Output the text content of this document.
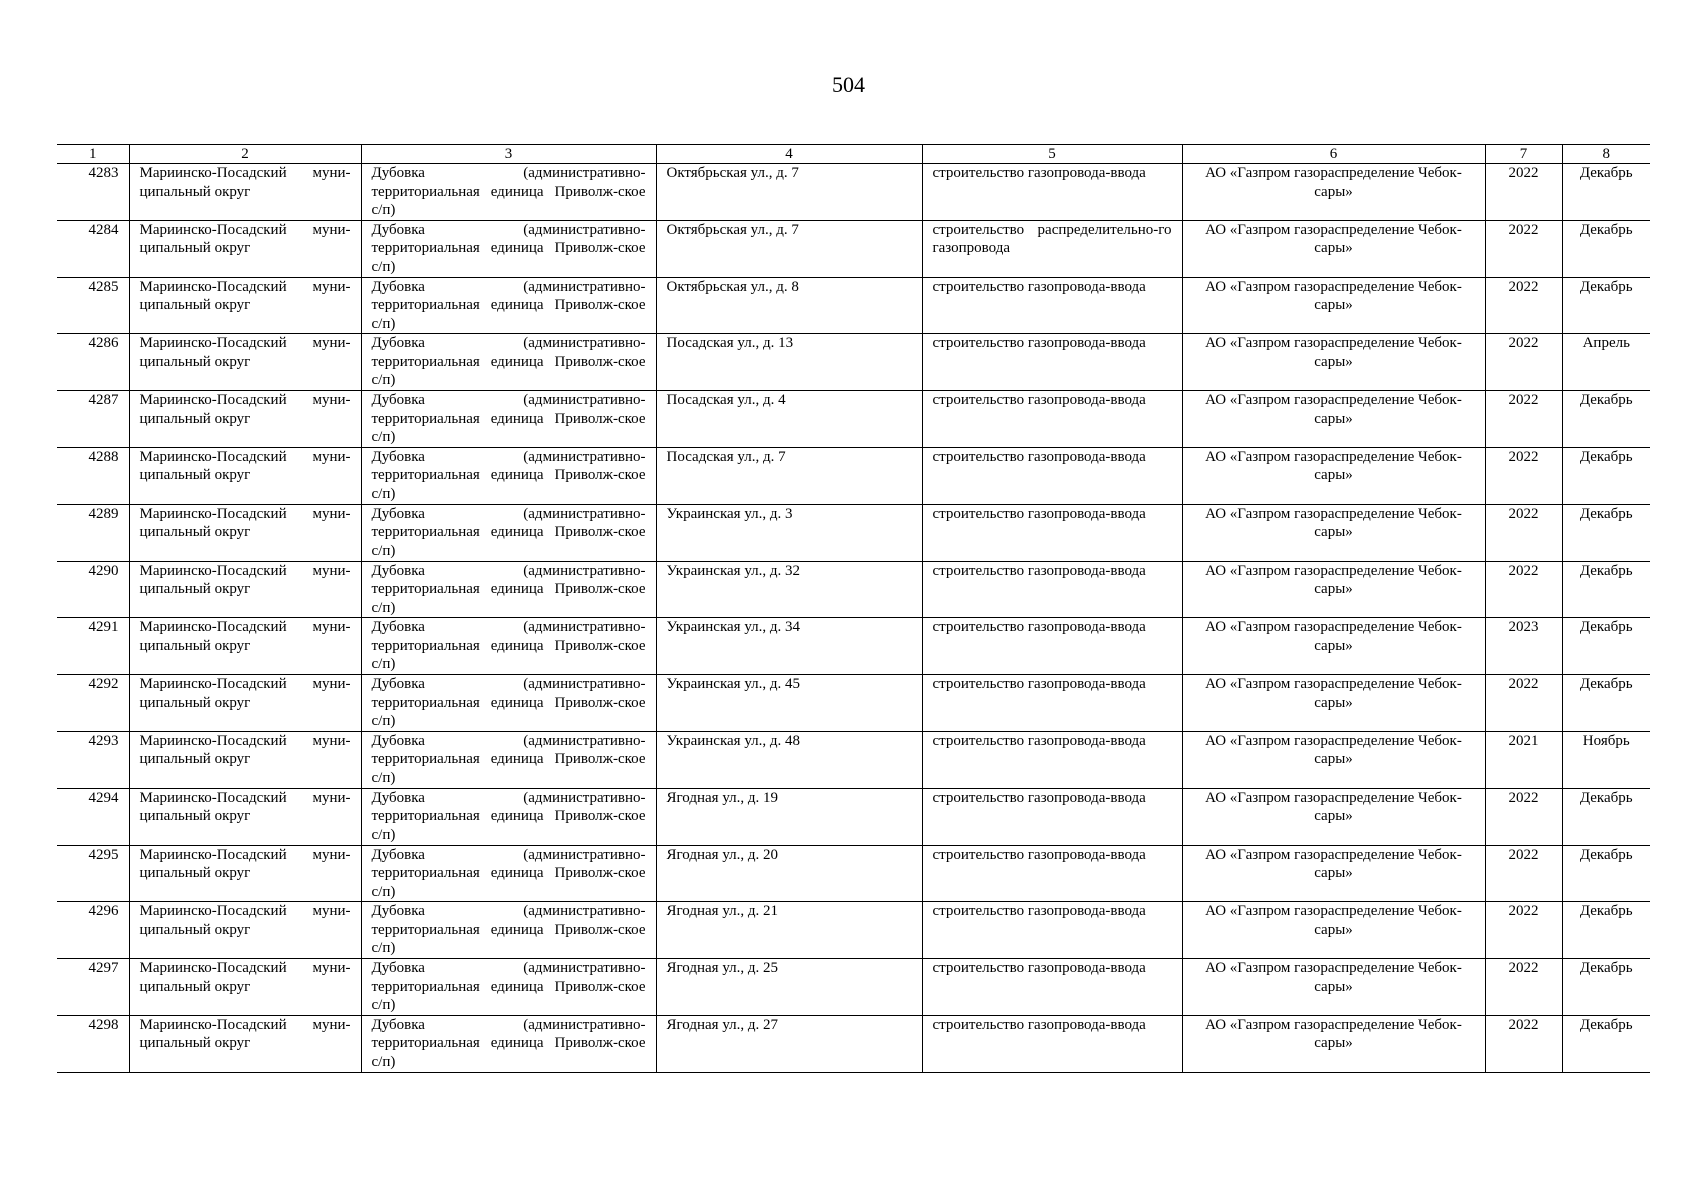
504
1	2	3	4	5	6	7	8
4283	Мариинско-Посадский муни-ципальный округ	Дубовка (административно-территориальная единица Приволж-ское с/п)	Октябрьская ул., д. 7	строительство газопровода-ввода	АО «Газпром газораспределение Чебок-сары»	2022	Декабрь
4284	Мариинско-Посадский муни-ципальный округ	Дубовка (административно-территориальная единица Приволж-ское с/п)	Октябрьская ул., д. 7	строительство распределительно-го газопровода	АО «Газпром газораспределение Чебок-сары»	2022	Декабрь
4285	Мариинско-Посадский муни-ципальный округ	Дубовка (административно-территориальная единица Приволж-ское с/п)	Октябрьская ул., д. 8	строительство газопровода-ввода	АО «Газпром газораспределение Чебок-сары»	2022	Декабрь
4286	Мариинско-Посадский муни-ципальный округ	Дубовка (административно-территориальная единица Приволж-ское с/п)	Посадская ул., д. 13	строительство газопровода-ввода	АО «Газпром газораспределение Чебок-сары»	2022	Апрель
4287	Мариинско-Посадский муни-ципальный округ	Дубовка (административно-территориальная единица Приволж-ское с/п)	Посадская ул., д. 4	строительство газопровода-ввода	АО «Газпром газораспределение Чебок-сары»	2022	Декабрь
4288	Мариинско-Посадский муни-ципальный округ	Дубовка (административно-территориальная единица Приволж-ское с/п)	Посадская ул., д. 7	строительство газопровода-ввода	АО «Газпром газораспределение Чебок-сары»	2022	Декабрь
4289	Мариинско-Посадский муни-ципальный округ	Дубовка (административно-территориальная единица Приволж-ское с/п)	Украинская ул., д. 3	строительство газопровода-ввода	АО «Газпром газораспределение Чебок-сары»	2022	Декабрь
4290	Мариинско-Посадский муни-ципальный округ	Дубовка (административно-территориальная единица Приволж-ское с/п)	Украинская ул., д. 32	строительство газопровода-ввода	АО «Газпром газораспределение Чебок-сары»	2022	Декабрь
4291	Мариинско-Посадский муни-ципальный округ	Дубовка (административно-территориальная единица Приволж-ское с/п)	Украинская ул., д. 34	строительство газопровода-ввода	АО «Газпром газораспределение Чебок-сары»	2023	Декабрь
4292	Мариинско-Посадский муни-ципальный округ	Дубовка (административно-территориальная единица Приволж-ское с/п)	Украинская ул., д. 45	строительство газопровода-ввода	АО «Газпром газораспределение Чебок-сары»	2022	Декабрь
4293	Мариинско-Посадский муни-ципальный округ	Дубовка (административно-территориальная единица Приволж-ское с/п)	Украинская ул., д. 48	строительство газопровода-ввода	АО «Газпром газораспределение Чебок-сары»	2021	Ноябрь
4294	Мариинско-Посадский муни-ципальный округ	Дубовка (административно-территориальная единица Приволж-ское с/п)	Ягодная ул., д. 19	строительство газопровода-ввода	АО «Газпром газораспределение Чебок-сары»	2022	Декабрь
4295	Мариинско-Посадский муни-ципальный округ	Дубовка (административно-территориальная единица Приволж-ское с/п)	Ягодная ул., д. 20	строительство газопровода-ввода	АО «Газпром газораспределение Чебок-сары»	2022	Декабрь
4296	Мариинско-Посадский муни-ципальный округ	Дубовка (административно-территориальная единица Приволж-ское с/п)	Ягодная ул., д. 21	строительство газопровода-ввода	АО «Газпром газораспределение Чебок-сары»	2022	Декабрь
4297	Мариинско-Посадский муни-ципальный округ	Дубовка (административно-территориальная единица Приволж-ское с/п)	Ягодная ул., д. 25	строительство газопровода-ввода	АО «Газпром газораспределение Чебок-сары»	2022	Декабрь
4298	Мариинско-Посадский муни-ципальный округ	Дубовка (административно-территориальная единица Приволж-ское с/п)	Ягодная ул., д. 27	строительство газопровода-ввода	АО «Газпром газораспределение Чебок-сары»	2022	Декабрь
